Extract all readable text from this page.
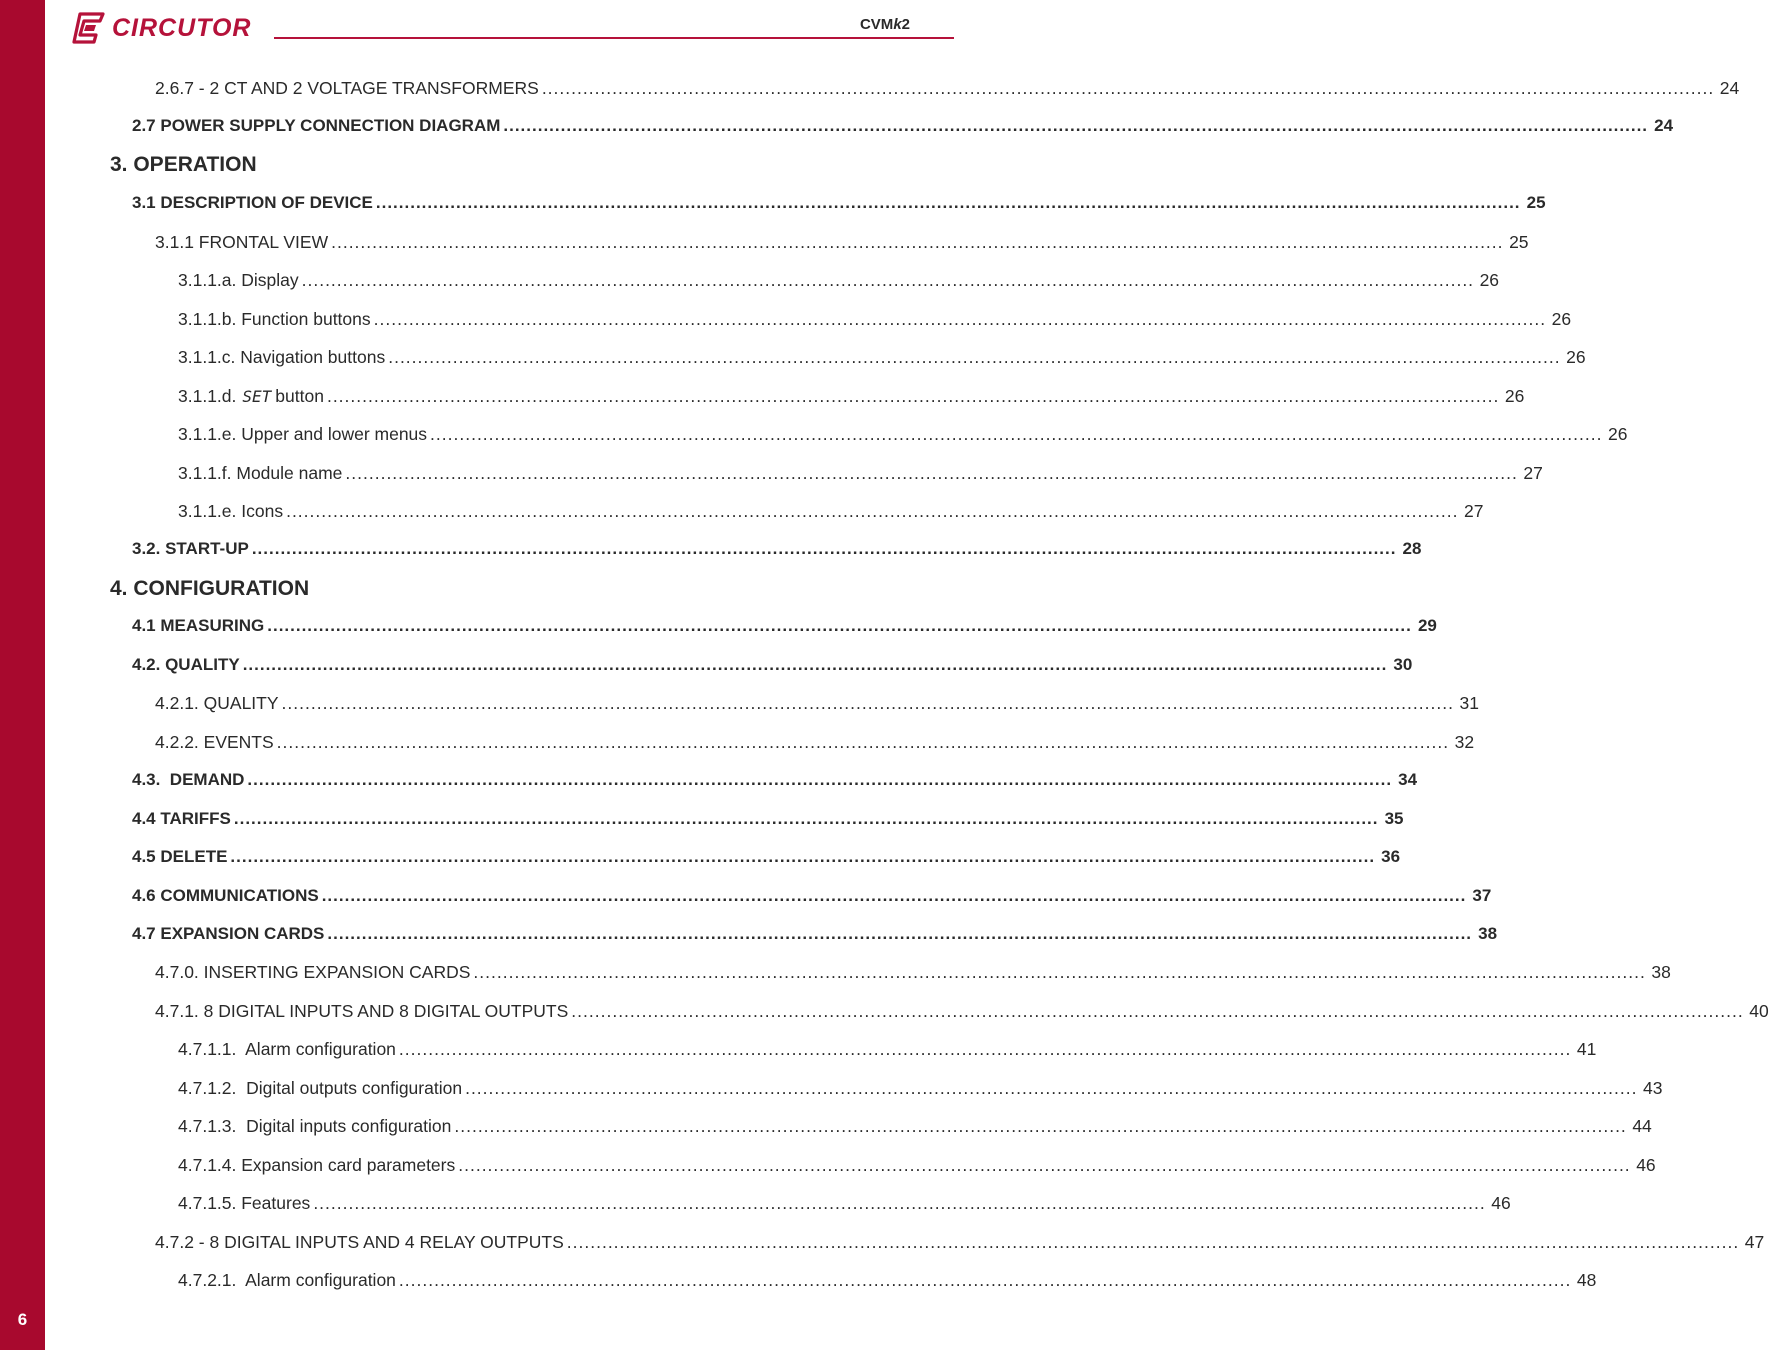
6
CIRCUTOR	CVMk2
2.6.7 - 2 CT AND 2 VOLTAGE TRANSFORMERS ........................................................................................................................................................................................................ 24
2.7 POWER SUPPLY CONNECTION DIAGRAM ........................................................................................................................................................................................................ 24
3. OPERATION
3.1 DESCRIPTION OF DEVICE ........................................................................................................................................................................................................ 25
3.1.1 FRONTAL VIEW ........................................................................................................................................................................................................ 25
3.1.1.a. Display ........................................................................................................................................................................................................ 26
3.1.1.b. Function buttons ........................................................................................................................................................................................................ 26
3.1.1.c. Navigation buttons ........................................................................................................................................................................................................ 26
3.1.1.d. SET button ........................................................................................................................................................................................................ 26
3.1.1.e. Upper and lower menus ........................................................................................................................................................................................................ 26
3.1.1.f. Module name ........................................................................................................................................................................................................ 27
3.1.1.e. Icons ........................................................................................................................................................................................................ 27
3.2. START-UP ........................................................................................................................................................................................................ 28
4. CONFIGURATION
4.1 MEASURING ........................................................................................................................................................................................................ 29
4.2. QUALITY ........................................................................................................................................................................................................ 30
4.2.1. QUALITY ........................................................................................................................................................................................................ 31
4.2.2. EVENTS ........................................................................................................................................................................................................ 32
4.3.  DEMAND ........................................................................................................................................................................................................ 34
4.4 TARIFFS ........................................................................................................................................................................................................ 35
4.5 DELETE ........................................................................................................................................................................................................ 36
4.6 COMMUNICATIONS ........................................................................................................................................................................................................ 37
4.7 EXPANSION CARDS ........................................................................................................................................................................................................ 38
4.7.0. INSERTING EXPANSION CARDS ........................................................................................................................................................................................................ 38
4.7.1. 8 DIGITAL INPUTS AND 8 DIGITAL OUTPUTS ........................................................................................................................................................................................................ 40
4.7.1.1.  Alarm configuration ........................................................................................................................................................................................................ 41
4.7.1.2.  Digital outputs configuration ........................................................................................................................................................................................................ 43
4.7.1.3.  Digital inputs configuration ........................................................................................................................................................................................................ 44
4.7.1.4. Expansion card parameters ........................................................................................................................................................................................................ 46
4.7.1.5. Features ........................................................................................................................................................................................................ 46
4.7.2 - 8 DIGITAL INPUTS AND 4 RELAY OUTPUTS ........................................................................................................................................................................................................ 47
4.7.2.1.  Alarm configuration ........................................................................................................................................................................................................ 48
